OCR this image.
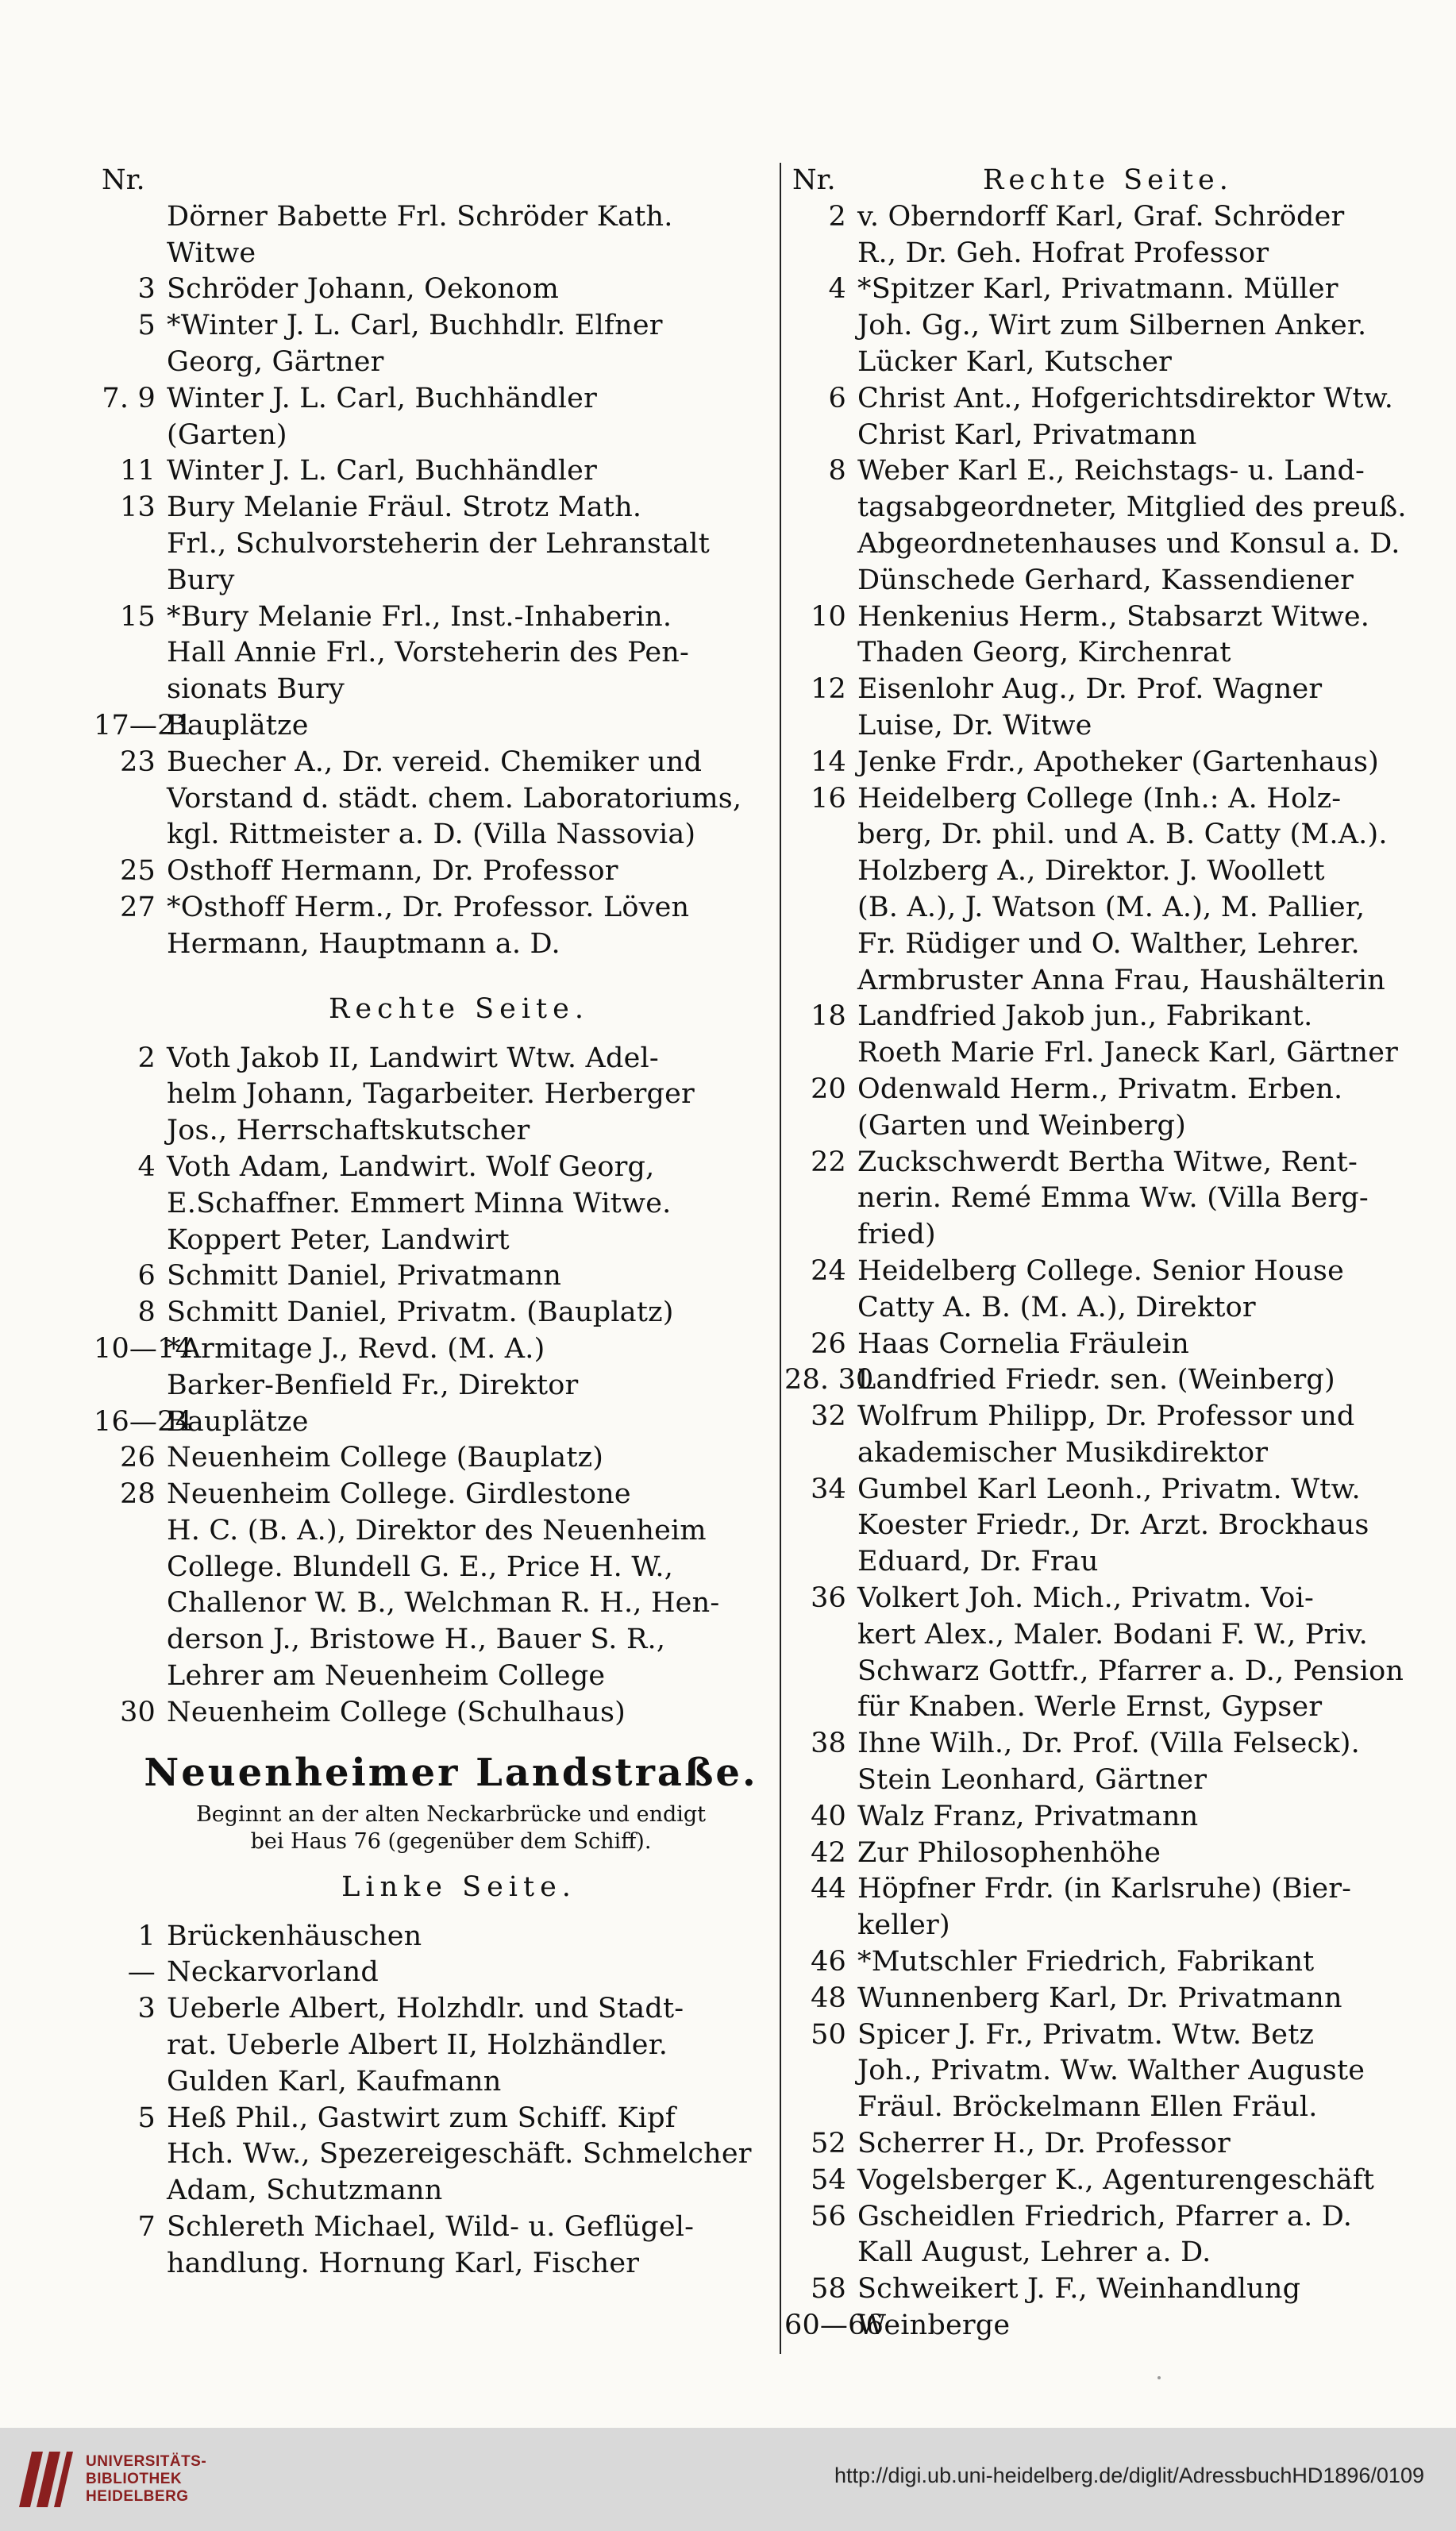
Nr.
Dörner Babette Frl. Schröder Kath.
Witwe
3 Schröder Johann, Oekonom
5 *Winter J. L. Carl, Buchhdlr. Elfner
Georg, Gärtner
7. 9 Winter J. L. Carl, Buchhändler
(Garten)
11 Winter J. L. Carl, Buchhändler
13 Bury Melanie Fräul. Strotz Math.
Frl., Schulvorsteherin der Lehranstalt
Bury
15 *Bury Melanie Frl., Inst.-Inhaberin.
Hall Annie Frl., Vorsteherin des Pen-
sionats Bury
17—21Bauplätze
23 Buecher A., Dr. vereid. Chemiker und
Vorstand d. städt. chem. Laboratoriums,
kgl. Rittmeister a. D. (Villa Nassovia)
25 Osthoff Hermann, Dr. Professor
27 *Osthoff Herm., Dr. Professor. Löven
Hermann, Hauptmann a. D.
Rechte Seite.
2 Voth Jakob II, Landwirt Wtw. Adel-
helm Johann, Tagarbeiter. Herberger
Jos., Herrschaftskutscher
4 Voth Adam, Landwirt. Wolf Georg,
E.Schaffner. Emmert Minna Witwe.
Koppert Peter, Landwirt
6 Schmitt Daniel, Privatmann
8 Schmitt Daniel, Privatm. (Bauplatz)
10—14*Armitage J., Revd. (M. A.)
Barker-Benfield Fr., Direktor
16—24Bauplätze
26 Neuenheim College (Bauplatz)
28 Neuenheim College. Girdlestone
H. C. (B. A.), Direktor des Neuenheim
College. Blundell G. E., Price H. W.,
Challenor W. B., Welchman R. H., Hen-
derson J., Bristowe H., Bauer S. R.,
Lehrer am Neuenheim College
30 Neuenheim College (Schulhaus)
Neuenheimer Landstraße.
Beginnt an der alten Neckarbrücke und endigt
bei Haus 76 (gegenüber dem Schiff).
Linke Seite.
1 Brückenhäuschen
— Neckarvorland
3 Ueberle Albert, Holzhdlr. und Stadt-
rat. Ueberle Albert II, Holzhändler.
Gulden Karl, Kaufmann
5 Heß Phil., Gastwirt zum Schiff. Kipf
Hch. Ww., Spezereigeschäft. Schmelcher
Adam, Schutzmann
7 Schlereth Michael, Wild- u. Geflügel-
handlung. Hornung Karl, Fischer
Nr.	Rechte Seite.
2 v. Oberndorff Karl, Graf. Schröder
R., Dr. Geh. Hofrat Professor
4 *Spitzer Karl, Privatmann. Müller
Joh. Gg., Wirt zum Silbernen Anker.
Lücker Karl, Kutscher
6 Christ Ant., Hofgerichtsdirektor Wtw.
Christ Karl, Privatmann
8 Weber Karl E., Reichstags- u. Land-
tagsabgeordneter, Mitglied des preuß.
Abgeordnetenhauses und Konsul a. D.
Dünschede Gerhard, Kassendiener
10 Henkenius Herm., Stabsarzt Witwe.
Thaden Georg, Kirchenrat
12 Eisenlohr Aug., Dr. Prof. Wagner
Luise, Dr. Witwe
14 Jenke Frdr., Apotheker (Gartenhaus)
16 Heidelberg College (Inh.: A. Holz-
berg, Dr. phil. und A. B. Catty (M.A.).
Holzberg A., Direktor. J. Woollett
(B. A.), J. Watson (M. A.), M. Pallier,
Fr. Rüdiger und O. Walther, Lehrer.
Armbruster Anna Frau, Haushälterin
18 Landfried Jakob jun., Fabrikant.
Roeth Marie Frl. Janeck Karl, Gärtner
20 Odenwald Herm., Privatm. Erben.
(Garten und Weinberg)
22 Zuckschwerdt Bertha Witwe, Rent-
nerin. Remé Emma Ww. (Villa Berg-
fried)
24 Heidelberg College. Senior House
Catty A. B. (M. A.), Direktor
26 Haas Cornelia Fräulein
28. 30Landfried Friedr. sen. (Weinberg)
32 Wolfrum Philipp, Dr. Professor und
akademischer Musikdirektor
34 Gumbel Karl Leonh., Privatm. Wtw.
Koester Friedr., Dr. Arzt. Brockhaus
Eduard, Dr. Frau
36 Volkert Joh. Mich., Privatm. Voi-
kert Alex., Maler. Bodani F. W., Priv.
Schwarz Gottfr., Pfarrer a. D., Pension
für Knaben. Werle Ernst, Gypser
38 Ihne Wilh., Dr. Prof. (Villa Felseck).
Stein Leonhard, Gärtner
40 Walz Franz, Privatmann
42 Zur Philosophenhöhe
44 Höpfner Frdr. (in Karlsruhe) (Bier-
keller)
46 *Mutschler Friedrich, Fabrikant
48 Wunnenberg Karl, Dr. Privatmann
50 Spicer J. Fr., Privatm. Wtw. Betz
Joh., Privatm. Ww. Walther Auguste
Fräul. Bröckelmann Ellen Fräul.
52 Scherrer H., Dr. Professor
54 Vogelsberger K., Agenturengeschäft
56 Gscheidlen Friedrich, Pfarrer a. D.
Kall August, Lehrer a. D.
58 Schweikert J. F., Weinhandlung
60—66Weinberge
UNIVERSITÄTS-
BIBLIOTHEK
HEIDELBERG
http://digi.ub.uni-heidelberg.de/diglit/AdressbuchHD1896/0109
